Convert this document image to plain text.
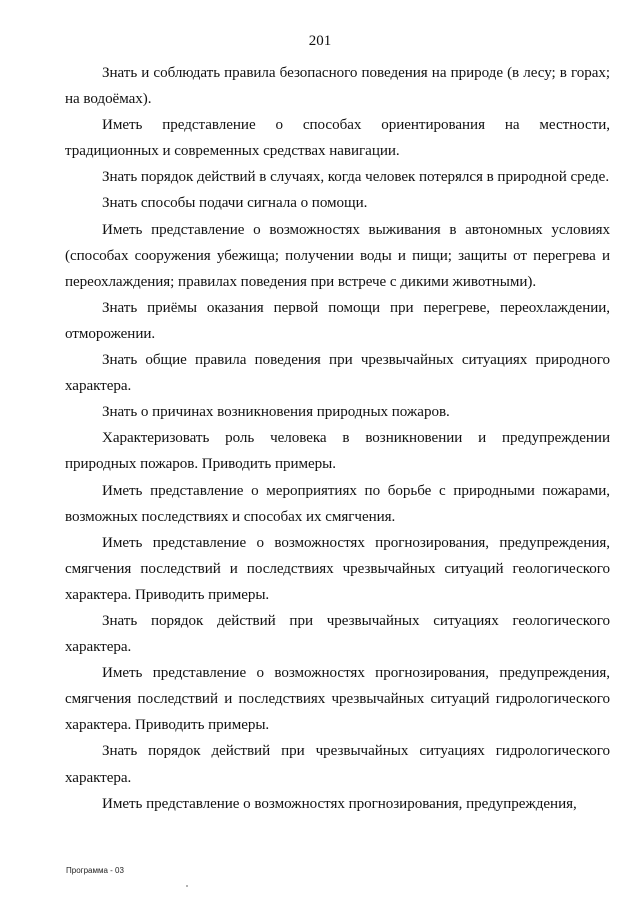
201

Знать и соблюдать правила безопасного поведения на природе (в лесу; в горах; на водоёмах).

Иметь представление о способах ориентирования на местности, традиционных и современных средствах навигации.

Знать порядок действий в случаях, когда человек потерялся в природной среде.

Знать способы подачи сигнала о помощи.

Иметь представление о возможностях выживания в автономных условиях (способах сооружения убежища; получении воды и пищи; защиты от перегрева и переохлаждения; правилах поведения при встрече с дикими животными).

Знать приёмы оказания первой помощи при перегреве, переохлаждении, отморожении.

Знать общие правила поведения при чрезвычайных ситуациях природного характера.

Знать о причинах возникновения природных пожаров.

Характеризовать роль человека в возникновении и предупреждении природных пожаров. Приводить примеры.

Иметь представление о мероприятиях по борьбе с природными пожарами, возможных последствиях и способах их смягчения.

Иметь представление о возможностях прогнозирования, предупреждения, смягчения последствий и последствиях чрезвычайных ситуаций геологического характера. Приводить примеры.

Знать порядок действий при чрезвычайных ситуациях геологического характера.

Иметь представление о возможностях прогнозирования, предупреждения, смягчения последствий и последствиях чрезвычайных ситуаций гидрологического характера. Приводить примеры.

Знать порядок действий при чрезвычайных ситуациях гидрологического характера.

Иметь представление о возможностях прогнозирования, предупреждения,

Программа - 03
